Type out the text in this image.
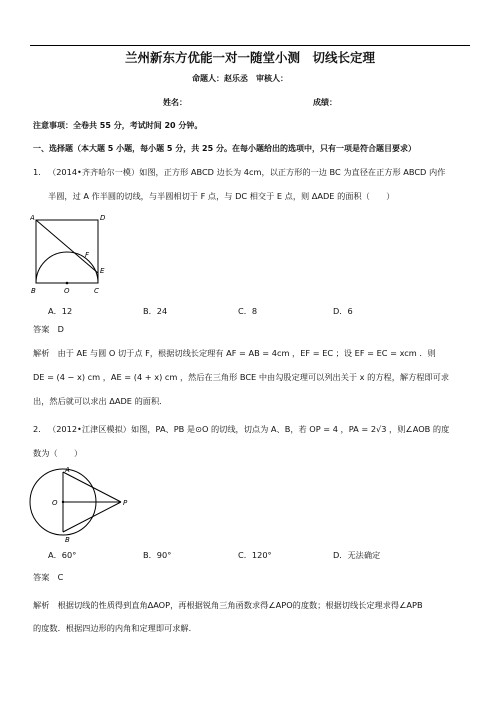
兰州新东方优能一对一随堂小测　切线长定理
命题人：赵乐丞　审核人：
姓名：	成绩：
注意事项：全卷共 55 分，考试时间 20 分钟。
一、选择题（本大题 5 小题，每小题 5 分，共 25 分。在每小题给出的选项中，只有一项是符合题目要求）
1. （2014•齐齐哈尔一模）如图，正方形 ABCD 边长为 4cm，以正方形的一边 BC 为直径在正方形 ABCD 内作
半圆，过 A 作半圆的切线，与半圆相切于 F 点，与 DC 相交于 E 点，则 ΔADE 的面积（　　）
A	D
F
E
B	O	C
A．12	B．24	C．8	D．6
答案　D
解析　由于 AE 与圆 O 切于点 F，根据切线长定理有 AF = AB = 4cm ，EF = EC ；设 EF = EC = xcm ．则
DE = (4 − x) cm ，AE = (4 + x) cm ，然后在三角形 BCE 中由勾股定理可以列出关于 x 的方程，解方程即可求
出，然后就可以求出 ΔADE 的面积．
2. （2012•江津区模拟）如图，PA、PB 是⊙O 的切线，切点为 A、B，若 OP = 4 ，PA = 2√3 ，则∠AOB 的度
数为（　　）
A
O	P
B
A．60°	B．90°	C．120°	D．无法确定
答案　C
解析　根据切线的性质得到直角ΔAOP，再根据锐角三角函数求得∠APO的度数；根据切线长定理求得∠APB
的度数．根据四边形的内角和定理即可求解．
